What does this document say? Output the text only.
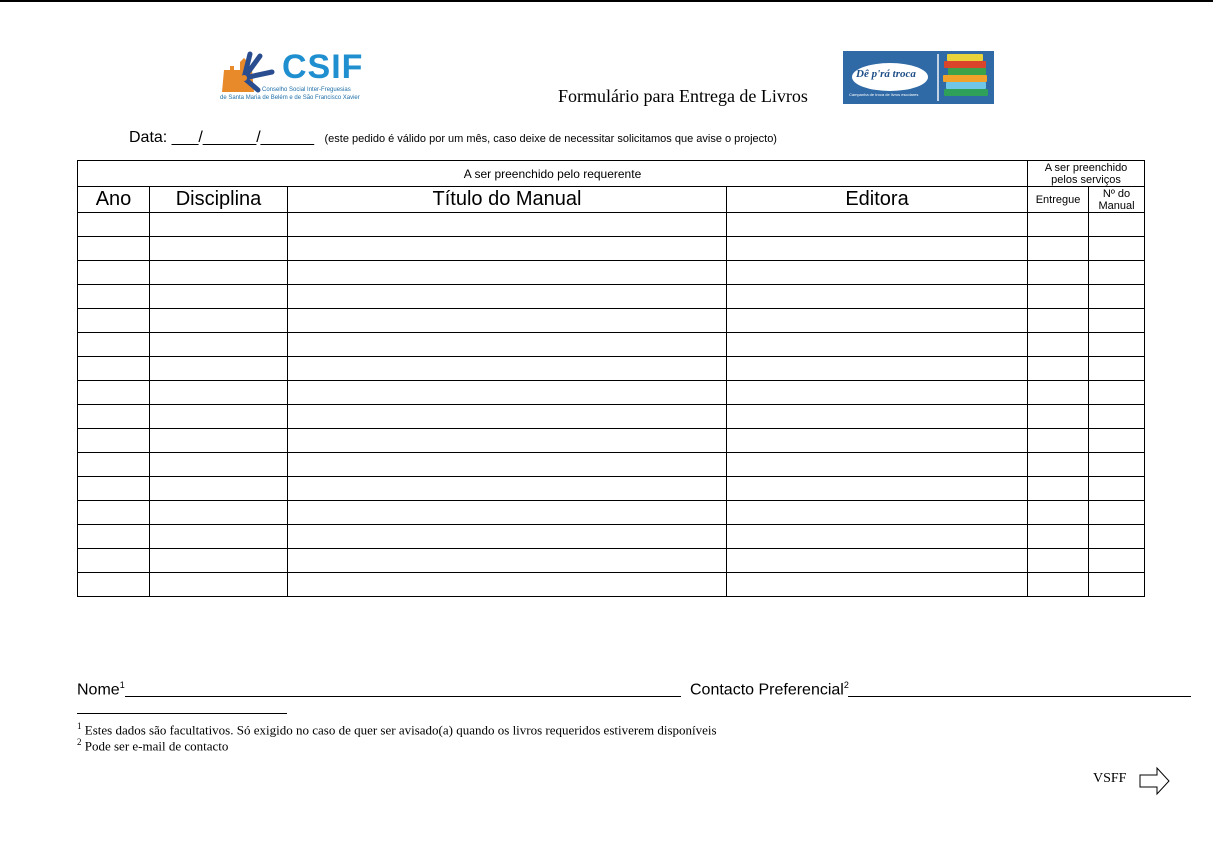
CSIF
Conselho Social Inter-Freguesias
de Santa Maria de Belém e de São Francisco Xavier	Formulário para Entrega de Livros
Dê p'rá troca
Campanha de troca de livros escolares
Data: ___/______/______ (este pedido é válido por um mês, caso deixe de necessitar solicitamos que avise o projecto)
A ser preenchido pelo requerente				A ser preenchido
pelos serviços	

Ano	Disciplina	Título do Manual	Editora	Entregue	Nº do
Manual

Nome$^1$	Contacto Preferencial$^2$
$^1$ Estes dados são facultativos. Só exigido no caso de quer ser avisado(a) quando os livros requeridos estiverem disponíveis
$^2$ Pode ser e-mail de contacto
VSFF
